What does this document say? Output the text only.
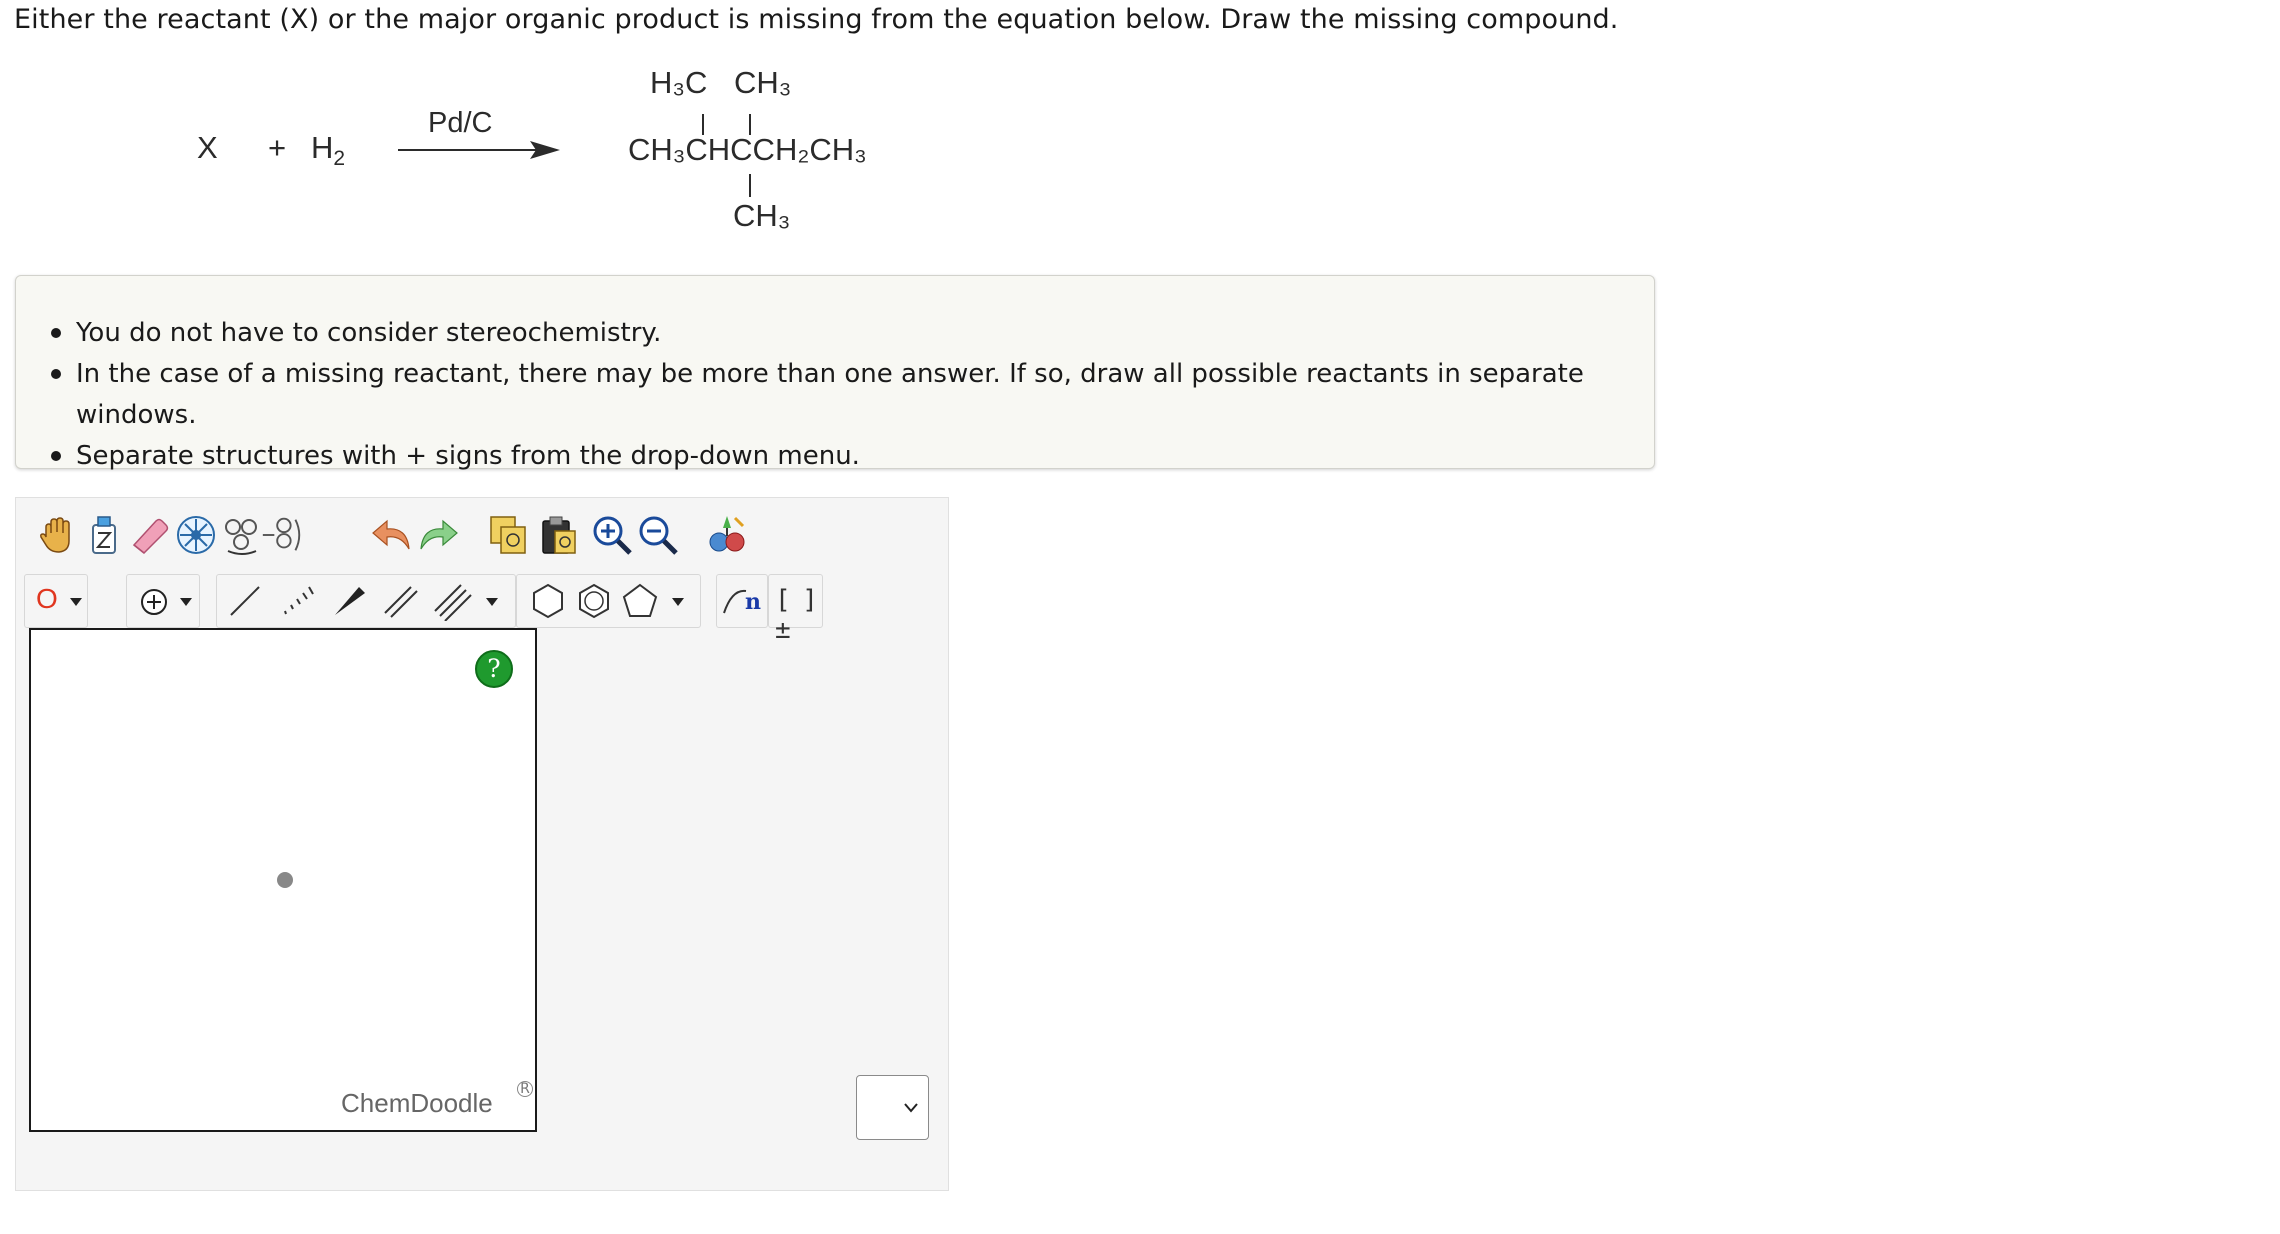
Either the reactant (X) or the major organic product is missing from the equation below. Draw the missing compound.
$X + H_2$
Pd/C
H₃C CH₃
CH₃CHCCH₂CH₃
CH₃
You do not have to consider stereochemistry.
In the case of a missing reactant, there may be more than one answer. If so, draw all possible reactants in separate windows.
Separate structures with + signs from the drop-down menu.
O	n [ ]±
?
ChemDoodle R
